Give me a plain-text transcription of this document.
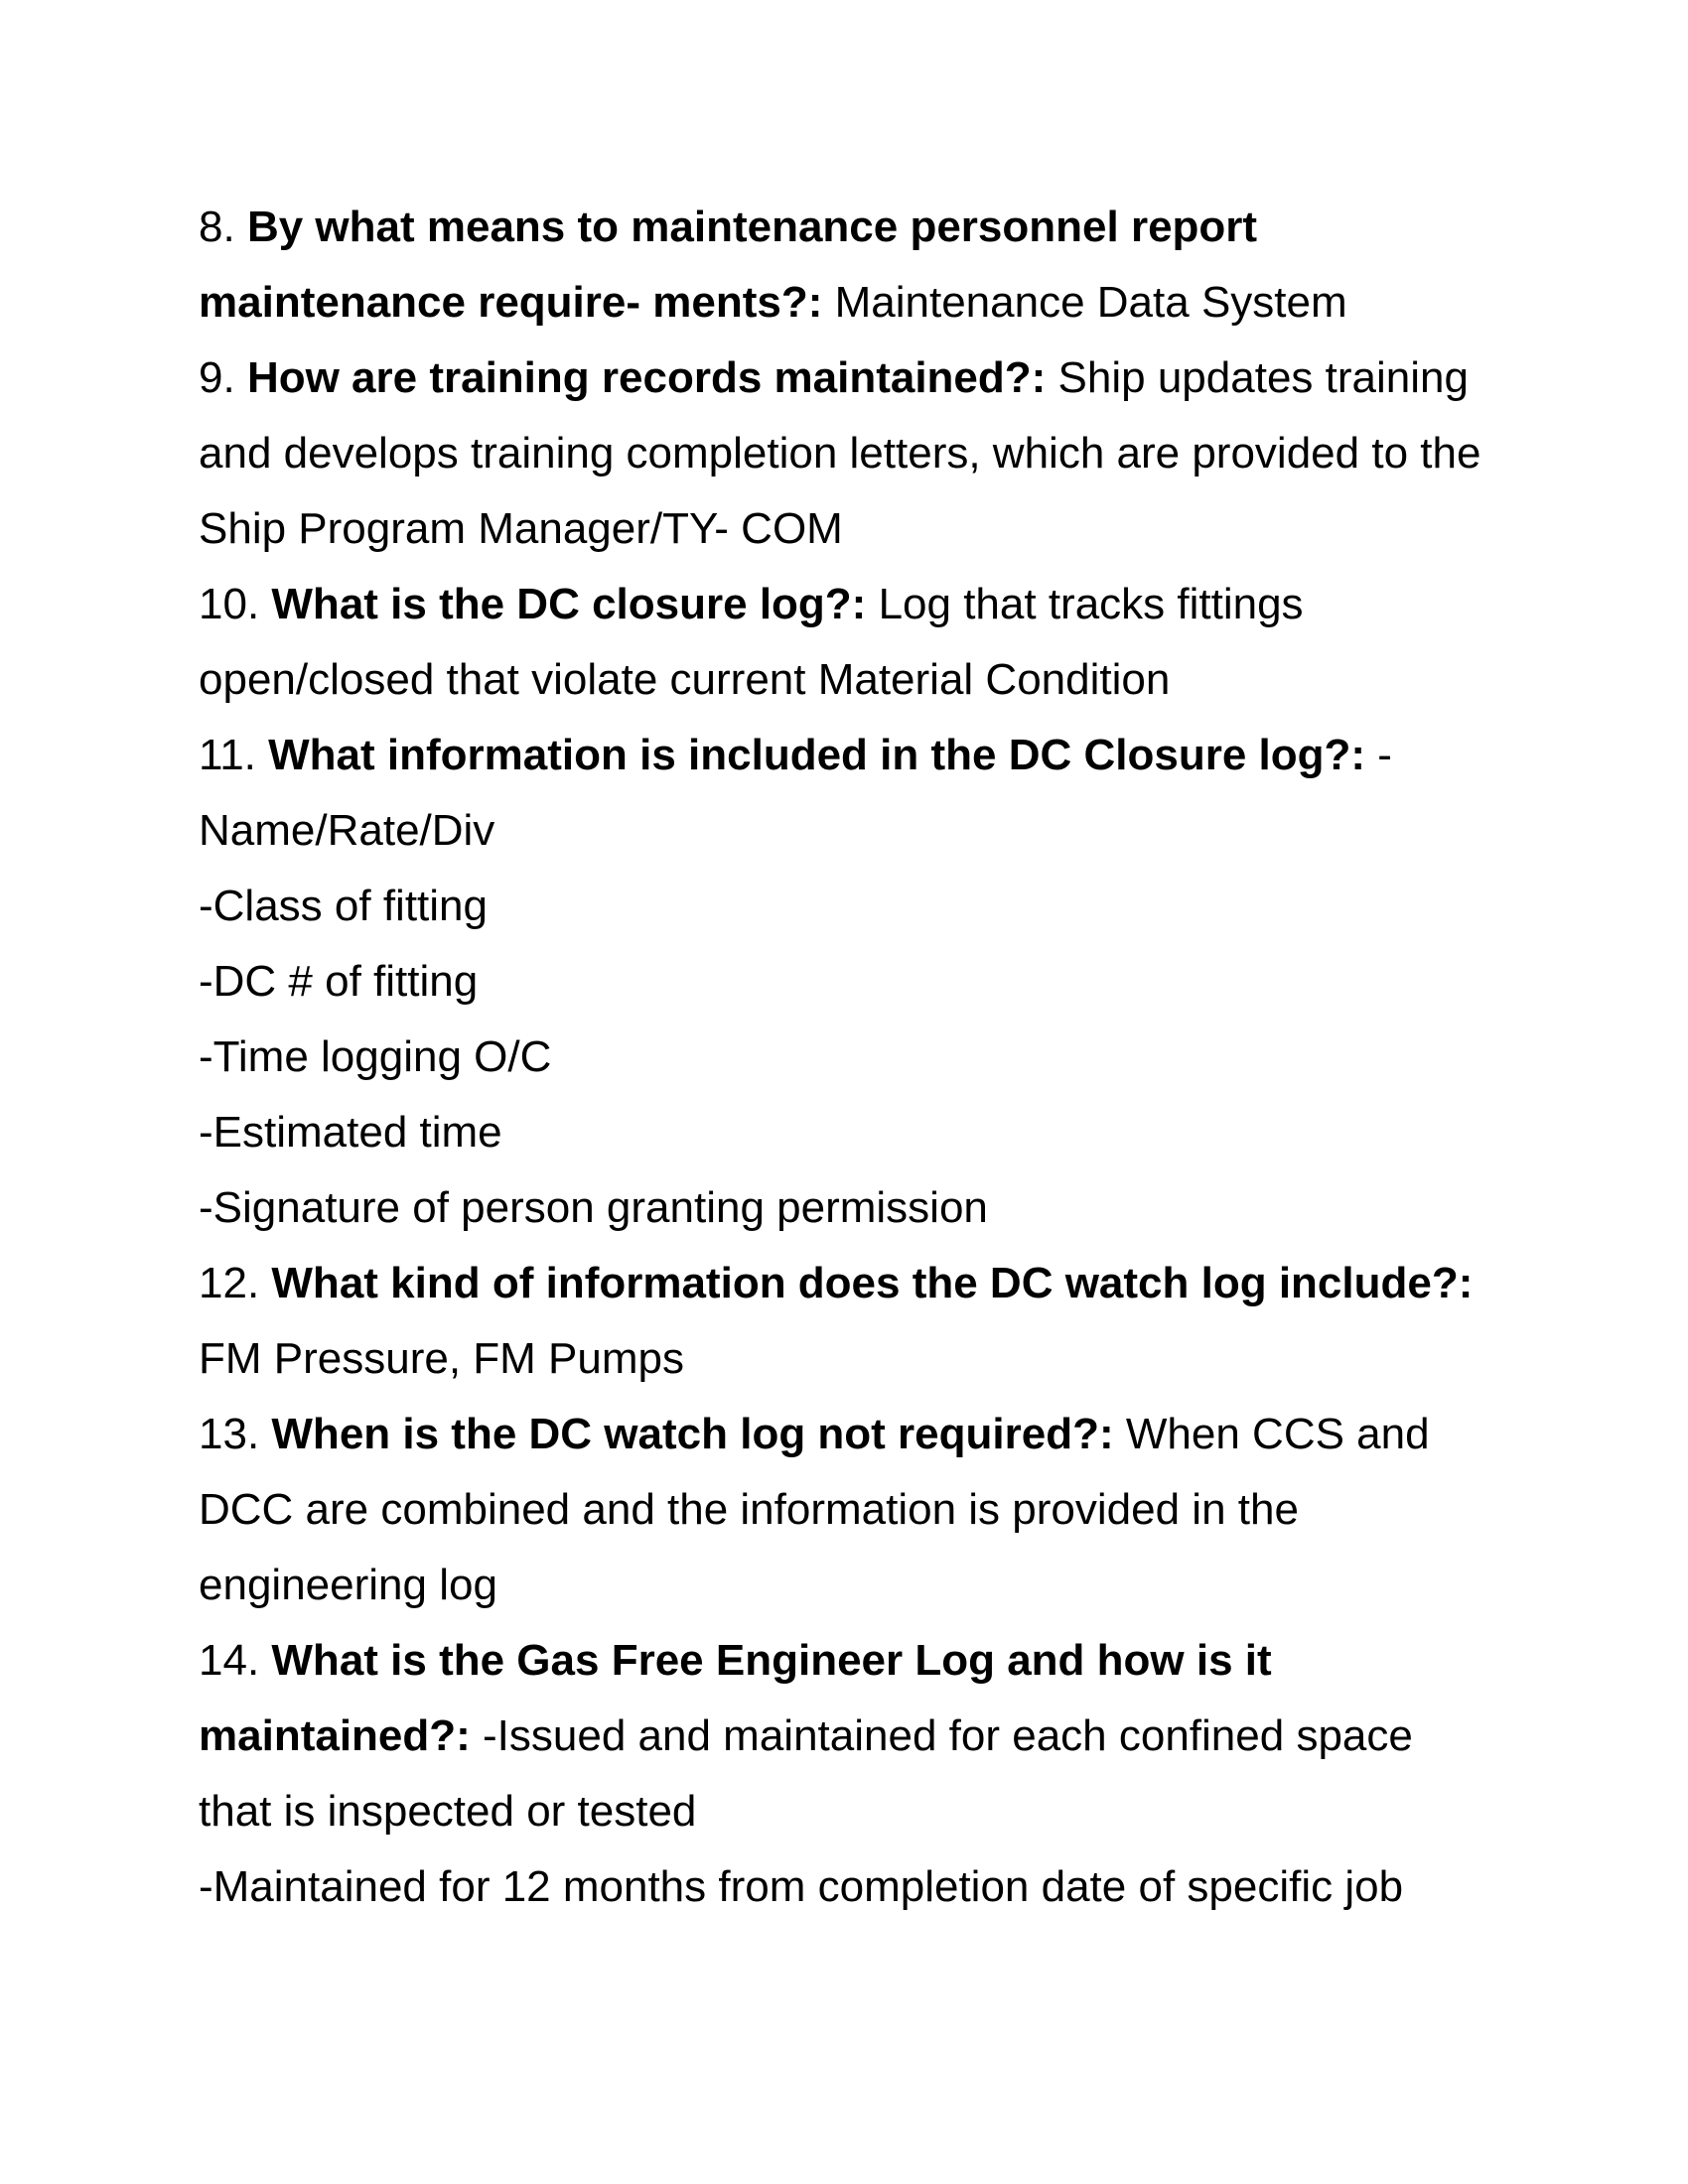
8. By what means to maintenance personnel report maintenance require- ments?: Maintenance Data System
9. How are training records maintained?: Ship updates training and develops training completion letters, which are provided to the Ship Program Manager/TY- COM
10. What is the DC closure log?: Log that tracks fittings open/closed that violate current Material Condition
11. What information is included in the DC Closure log?: -Name/Rate/Div
-Class of fitting
-DC # of fitting
-Time logging O/C
-Estimated time
-Signature of person granting permission
12. What kind of information does the DC watch log include?: FM Pressure, FM Pumps
13. When is the DC watch log not required?: When CCS and DCC are combined and the information is provided in the engineering log
14. What is the Gas Free Engineer Log and how is it maintained?: -Issued and maintained for each confined space that is inspected or tested
-Maintained for 12 months from completion date of specific job
